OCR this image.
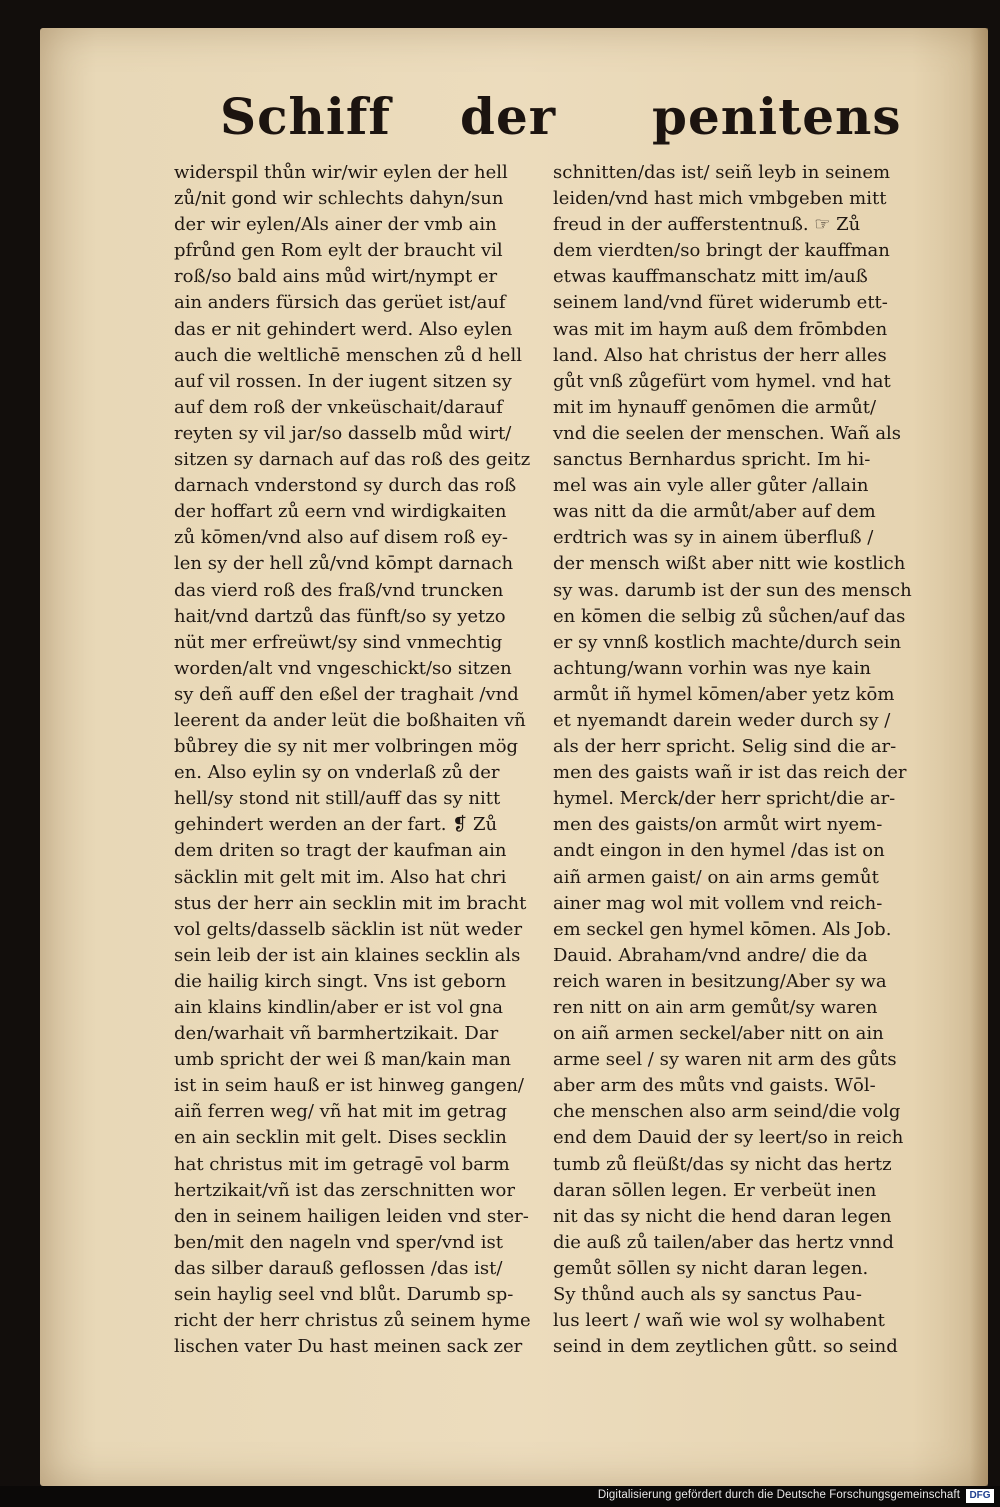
Schiff der penitens
widerspil thůn wir/wir eylen der hell
zů/nit gond wir schlechts dahyn/sun
der wir eylen/Als ainer der vmb ain
pfrůnd gen Rom eylt der braucht vil
roß/so bald ains můd wirt/nympt er
ain anders fürsich das gerüet ist/auf
das er nit gehindert werd. Also eylen
auch die weltlichē menschen zů d hell
auf vil rossen. In der iugent sitzen sy
auf dem roß der vnkeüschait/darauf
reyten sy vil jar/so dasselb můd wirt/
sitzen sy darnach auf das roß des geitz
darnach vnderstond sy durch das roß
der hoffart zů eern vnd wirdigkaiten
zů kōmen/vnd also auf disem roß ey-
len sy der hell zů/vnd kōmpt darnach
das vierd roß des fraß/vnd truncken
hait/vnd dartzů das fünft/so sy yetzo
nüt mer erfreüwt/sy sind vnmechtig
worden/alt vnd vngeschickt/so sitzen
sy deñ auff den eßel der traghait /vnd
leerent da ander leüt die boßhaiten vñ
bůbrey die sy nit mer volbringen mög
en. Also eylin sy on vnderlaß zů der
hell/sy stond nit still/auff das sy nitt
gehindert werden an der fart. ❡ Zů
dem driten so tragt der kaufman ain
säcklin mit gelt mit im. Also hat chri
stus der herr ain secklin mit im bracht
vol gelts/dasselb säcklin ist nüt weder
sein leib der ist ain klaines secklin als
die hailig kirch singt. Vns ist geborn
ain klains kindlin/aber er ist vol gna
den/warhait vñ barmhertzikait. Dar
umb spricht der wei ß man/kain man
ist in seim hauß er ist hinweg gangen/
aiñ ferren weg/ vñ hat mit im getrag
en ain secklin mit gelt. Dises secklin
hat christus mit im getragē vol barm
hertzikait/vñ ist das zerschnitten wor
den in seinem hailigen leiden vnd ster-
ben/mit den nageln vnd sper/vnd ist
das silber darauß geflossen /das ist/
sein haylig seel vnd blůt. Darumb sp-
richt der herr christus zů seinem hyme
lischen vater Du hast meinen sack zer
schnitten/das ist/ seiñ leyb in seinem
leiden/vnd hast mich vmbgeben mitt
freud in der aufferstentnuß. ☞ Zů
dem vierdten/so bringt der kauffman
etwas kauffmanschatz mitt im/auß
seinem land/vnd füret widerumb ett-
was mit im haym auß dem frōmbden
land. Also hat christus der herr alles
gůt vnß zůgefürt vom hymel. vnd hat
mit im hynauff genōmen die armůt/
vnd die seelen der menschen. Wañ als
sanctus Bernhardus spricht. Im hi-
mel was ain vyle aller gůter /allain
was nitt da die armůt/aber auf dem
erdtrich was sy in ainem überfluß /
der mensch wißt aber nitt wie kostlich
sy was. darumb ist der sun des mensch
en kōmen die selbig zů sůchen/auf das
er sy vnnß kostlich machte/durch sein
achtung/wann vorhin was nye kain
armůt iñ hymel kōmen/aber yetz kōm
et nyemandt darein weder durch sy /
als der herr spricht. Selig sind die ar-
men des gaists wañ ir ist das reich der
hymel. Merck/der herr spricht/die ar-
men des gaists/on armůt wirt nyem-
andt eingon in den hymel /das ist on
aiñ armen gaist/ on ain arms gemůt
ainer mag wol mit vollem vnd reich-
em seckel gen hymel kōmen. Als Job.
Dauid. Abraham/vnd andre/ die da
reich waren in besitzung/Aber sy wa
ren nitt on ain arm gemůt/sy waren
on aiñ armen seckel/aber nitt on ain
arme seel / sy waren nit arm des gůts
aber arm des můts vnd gaists. Wōl-
che menschen also arm seind/die volg
end dem Dauid der sy leert/so in reich
tumb zů fleüßt/das sy nicht das hertz
daran sōllen legen. Er verbeüt inen
nit das sy nicht die hend daran legen
die auß zů tailen/aber das hertz vnnd
gemůt sōllen sy nicht daran legen.
Sy thůnd auch als sy sanctus Pau-
lus leert / wañ wie wol sy wolhabent
seind in dem zeytlichen gůtt. so seind
Digitalisierung gefördert durch die Deutsche Forschungsgemeinschaft DFG
